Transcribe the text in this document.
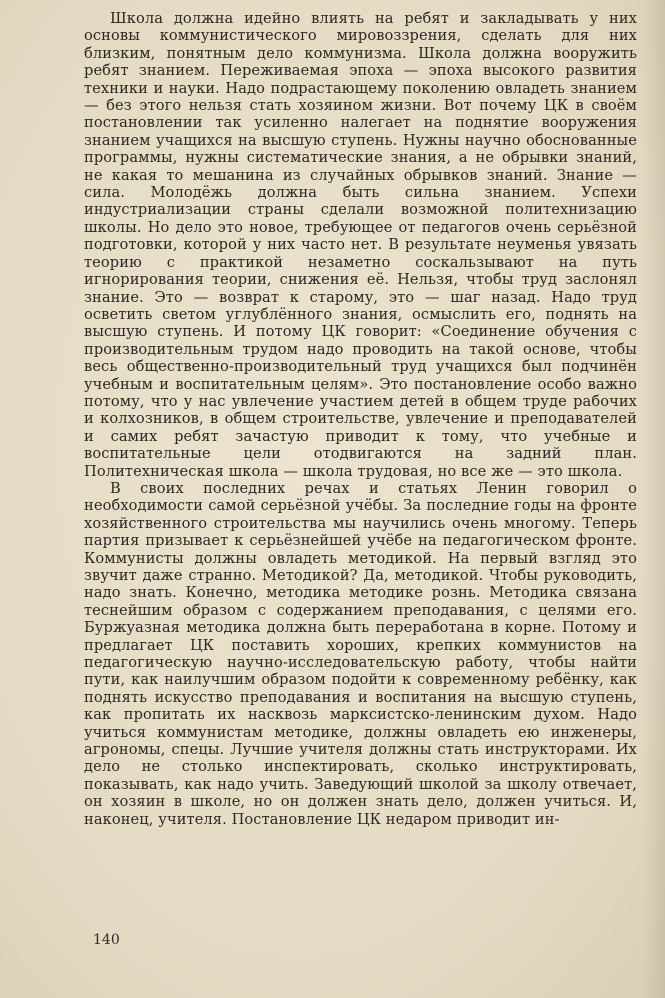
Школа должна идейно влиять на ребят и закладывать у них основы коммунистического мировоззрения, сделать для них близким, понятным дело коммунизма. Школа должна вооружить ребят знанием. Переживаемая эпоха — эпоха высокого развития техники и науки. Надо подрастающему поколению овладеть знанием — без этого нельзя стать хозяином жизни. Вот почему ЦК в своём постановлении так усиленно налегает на поднятие вооружения знанием учащихся на высшую ступень. Нужны научно обоснованные программы, нужны систематические знания, а не обрывки знаний, не какая то мешанина из случайных обрывков знаний. Знание — сила. Молодёжь должна быть сильна знанием. Успехи индустриализации страны сделали возможной политехнизацию школы. Но дело это новое, требующее от педагогов очень серьёзной подготовки, которой у них часто нет. В результате неуменья увязать теорию с практикой незаметно соскальзывают на путь игнорирования теории, снижения её. Нельзя, чтобы труд заслонял знание. Это — возврат к старому, это — шаг назад. Надо труд осветить светом углублённого знания, осмыслить его, поднять на высшую ступень. И потому ЦК говорит: «Соединение обучения с производительным трудом надо проводить на такой основе, чтобы весь общественно-производительный труд учащихся был подчинён учебным и воспитательным целям». Это постановление особо важно потому, что у нас увлечение участием детей в общем труде рабочих и колхозников, в общем строительстве, увлечение и преподавателей и самих ребят зачастую приводит к тому, что учебные и воспитательные цели отодвигаются на задний план. Политехническая школа — школа трудовая, но все же — это школа.

В своих последних речах и статьях Ленин говорил о необходимости самой серьёзной учёбы. За последние годы на фронте хозяйственного строительства мы научились очень многому. Теперь партия призывает к серьёзнейшей учёбе на педагогическом фронте. Коммунисты должны овладеть методикой. На первый взгляд это звучит даже странно. Методикой? Да, методикой. Чтобы руководить, надо знать. Конечно, методика методике рознь. Методика связана теснейшим образом с содержанием преподавания, с целями его. Буржуазная методика должна быть переработана в корне. Потому и предлагает ЦК поставить хороших, крепких коммунистов на педагогическую научно-исследовательскую работу, чтобы найти пути, как наилучшим образом подойти к современному ребёнку, как поднять искусство преподавания и воспитания на высшую ступень, как пропитать их насквозь марксистско-ленинским духом. Надо учиться коммунистам методике, должны овладеть ею инженеры, агрономы, спецы. Лучшие учителя должны стать инструкторами. Их дело не столько инспектировать, сколько инструктировать, показывать, как надо учить. Заведующий школой за школу отвечает, он хозяин в школе, но он должен знать дело, должен учиться. И, наконец, учителя. Постановление ЦК недаром приводит ин-

140
